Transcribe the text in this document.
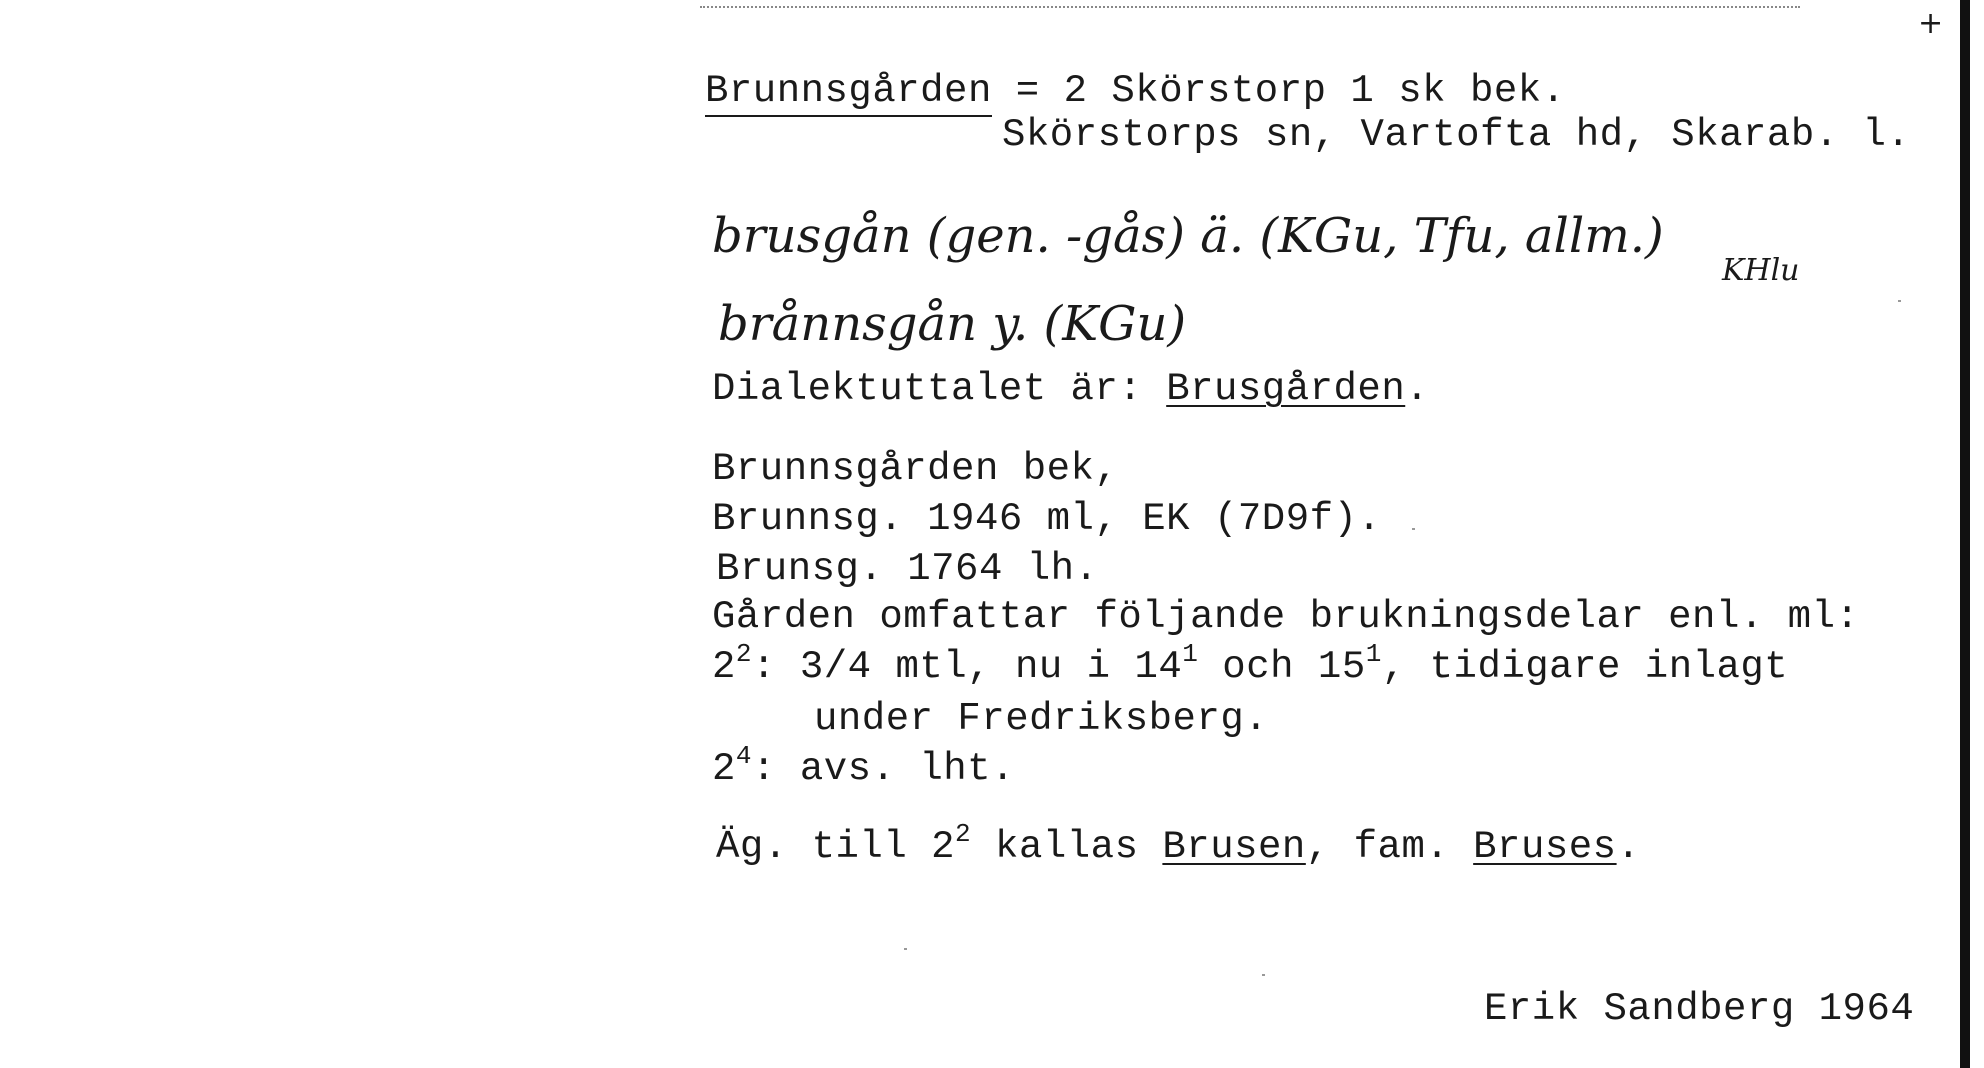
+
Brunnsgården = 2 Skörstorp 1 sk bek.
Skörstorps sn, Vartofta hd, Skarab. l.
brusgån (gen. -gås) ä. (KGu, Tfu, allm.)
KHlu
brånnsgån y. (KGu)
Dialektuttalet är: Brusgården.
Brunnsgården bek,
Brunnsg. 1946 ml, EK (7D9f).
Brunsg. 1764 lh.
Gården omfattar följande brukningsdelar enl. ml:
$2^2$: 3/4 mtl, nu i $14^1$ och $15^1$, tidigare inlagt
under Fredriksberg.
$2^4$: avs. lht.
Äg. till $2^2$ kallas Brusen, fam. Bruses.
Erik Sandberg 1964
